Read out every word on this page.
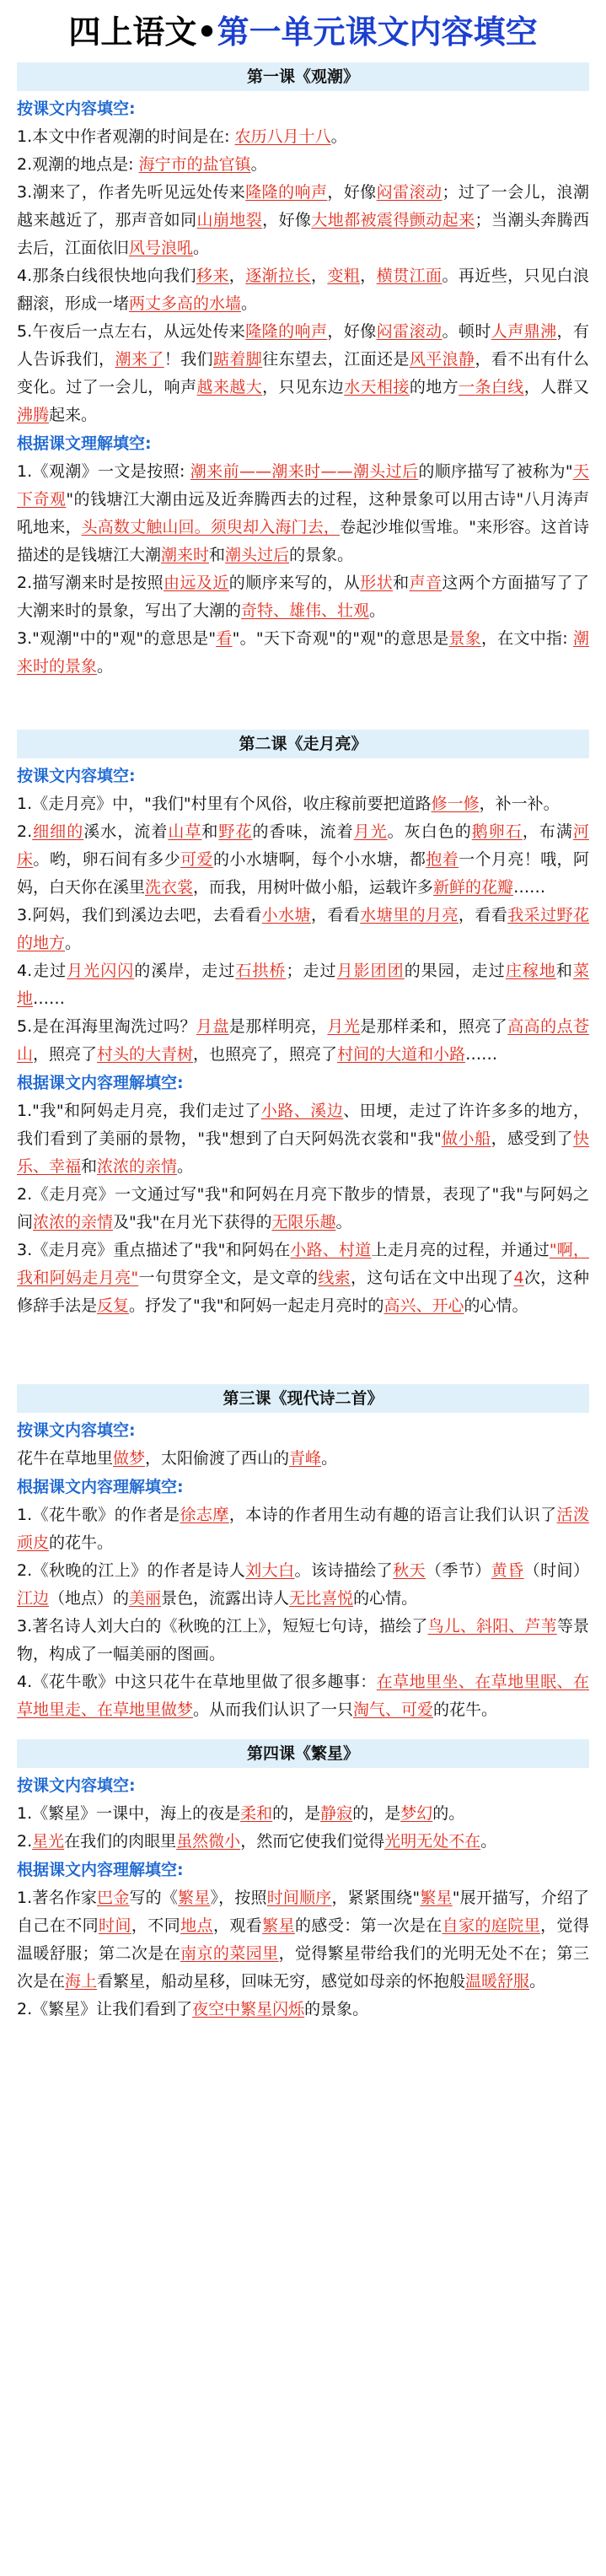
四上语文•第一单元课文内容填空
第一课《观潮》
按课文内容填空:

1.本文中作者观潮的时间是在: 农历八月十八。

2.观潮的地点是: 海宁市的盐官镇。

3.潮来了，作者先听见远处传来隆隆的响声，好像闷雷滚动；过了一会儿，浪潮越来越近了，那声音如同山崩地裂，好像大地都被震得颤动起来；当潮头奔腾西去后，江面依旧风号浪吼。

4.那条白线很快地向我们移来，逐渐拉长，变粗，横贯江面。再近些，只见白浪翻滚，形成一堵两丈多高的水墙。

5.午夜后一点左右，从远处传来隆隆的响声，好像闷雷滚动。顿时人声鼎沸，有人告诉我们，潮来了！我们踮着脚往东望去，江面还是风平浪静，看不出有什么变化。过了一会儿，响声越来越大，只见东边水天相接的地方一条白线，人群又沸腾起来。

根据课文理解填空:

1.《观潮》一文是按照: 潮来前——潮来时——潮头过后的顺序描写了被称为"天下奇观"的钱塘江大潮由远及近奔腾西去的过程，这种景象可以用古诗"八月涛声吼地来，头高数丈触山回。须臾却入海门去，卷起沙堆似雪堆。"来形容。这首诗描述的是钱塘江大潮潮来时和潮头过后的景象。

2.描写潮来时是按照由远及近的顺序来写的，从形状和声音这两个方面描写了了大潮来时的景象，写出了大潮的奇特、雄伟、壮观。

3."观潮"中的"观"的意思是"看"。"天下奇观"的"观"的意思是景象，在文中指: 潮来时的景象。

第二课《走月亮》
按课文内容填空:

1.《走月亮》中，"我们"村里有个风俗，收庄稼前要把道路修一修，补一补。

2.细细的溪水，流着山草和野花的香味，流着月光。灰白色的鹅卵石，布满河床。哟，卵石间有多少可爱的小水塘啊，每个小水塘，都抱着一个月亮！哦，阿妈，白天你在溪里洗衣裳，而我，用树叶做小船，运载许多新鲜的花瓣……

3.阿妈，我们到溪边去吧，去看看小水塘，看看水塘里的月亮，看看我采过野花的地方。

4.走过月光闪闪的溪岸，走过石拱桥；走过月影团团的果园，走过庄稼地和菜地……

5.是在洱海里淘洗过吗？月盘是那样明亮，月光是那样柔和，照亮了高高的点苍山，照亮了村头的大青树，也照亮了，照亮了村间的大道和小路……

根据课文内容理解填空:

1."我"和阿妈走月亮，我们走过了小路、溪边、田埂，走过了许许多多的地方，我们看到了美丽的景物，"我"想到了白天阿妈洗衣裳和"我"做小船，感受到了快乐、幸福和浓浓的亲情。

2.《走月亮》一文通过写"我"和阿妈在月亮下散步的情景，表现了"我"与阿妈之间浓浓的亲情及"我"在月光下获得的无限乐趣。

3.《走月亮》重点描述了"我"和阿妈在小路、村道上走月亮的过程，并通过"啊，我和阿妈走月亮"一句贯穿全文，是文章的线索，这句话在文中出现了4次，这种修辞手法是反复。抒发了"我"和阿妈一起走月亮时的高兴、开心的心情。

第三课《现代诗二首》
按课文内容填空:

花牛在草地里做梦，太阳偷渡了西山的青峰。

根据课文内容理解填空:

1.《花牛歌》的作者是徐志摩，本诗的作者用生动有趣的语言让我们认识了活泼顽皮的花牛。

2.《秋晚的江上》的作者是诗人刘大白。该诗描绘了秋天（季节）黄昏（时间）江边（地点）的美丽景色，流露出诗人无比喜悦的心情。

3.著名诗人刘大白的《秋晚的江上》，短短七句诗，描绘了鸟儿、斜阳、芦苇等景物，构成了一幅美丽的图画。

4.《花牛歌》中这只花牛在草地里做了很多趣事：在草地里坐、在草地里眠、在草地里走、在草地里做梦。从而我们认识了一只淘气、可爱的花牛。

第四课《繁星》
按课文内容填空:

1.《繁星》一课中，海上的夜是柔和的，是静寂的，是梦幻的。

2.星光在我们的肉眼里虽然微小，然而它使我们觉得光明无处不在。

根据课文内容理解填空:

1.著名作家巴金写的《繁星》，按照时间顺序，紧紧围绕"繁星"展开描写，介绍了自己在不同时间，不同地点，观看繁星的感受：第一次是在自家的庭院里，觉得温暖舒服；第二次是在南京的菜园里，觉得繁星带给我们的光明无处不在；第三次是在海上看繁星，船动星移，回味无穷，感觉如母亲的怀抱般温暖舒服。

2.《繁星》让我们看到了夜空中繁星闪烁的景象。
